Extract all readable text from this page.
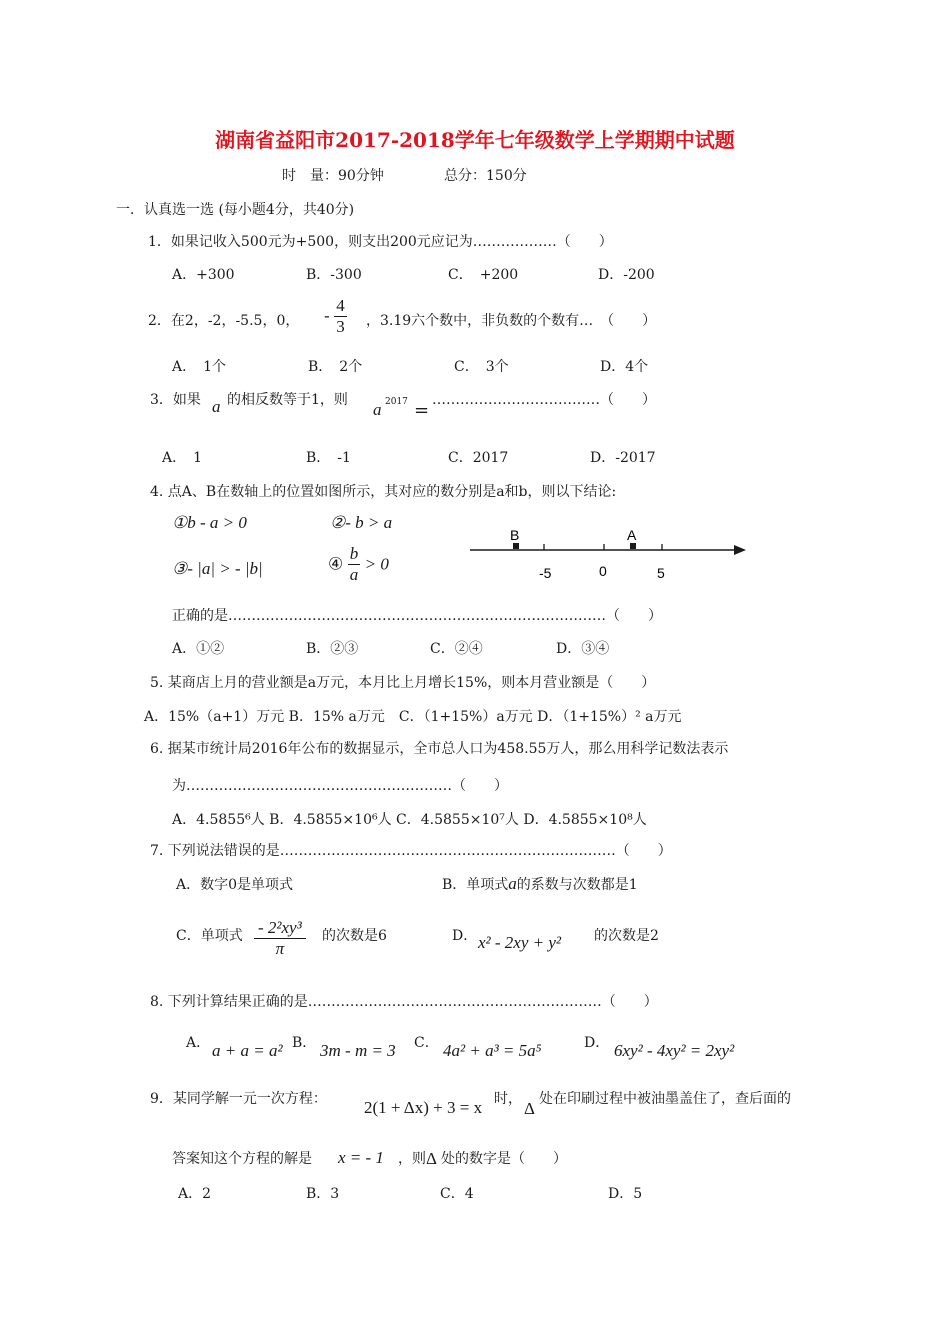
湖南省益阳市2017-2018学年七年级数学上学期期中试题
时　量：90分钟	总分：150分
一．认真选一选 (每小题4分，共40分)
1．如果记收入500元为+500，则支出200元应记为………………（　　）
A．+300	B．-300	C．　+200	D．-200
2．在2，-2，-5.5，0， - $\frac{4}{3}$ ，3.19六个数中，非负数的个数有…　（　　）
A．　1个	B．　2个	C．　3个	D．4个
3．如果 a 的相反数等于1，则 a 2017 = ………………………………（　　）
A．　1	B．　-1	C．2017	D．-2017
4. 点A、B在数轴上的位置如图所示，其对应的数分别是a和b，则以下结论:
①b - a > 0	②- b > a
③- |a| > - |b|	④ $\frac{b}{a} > 0$
B	A
-5	0	5
正确的是………………………………………………………………………（　　）
A．①②	B．②③	C．②④	D．③④
5. 某商店上月的营业额是a万元，本月比上月增长15%，则本月营业额是（　　）
A．15%（a+1）万元 B．15% a万元　C．（1+15%）a万元 D．（1+15%）² a万元
6. 据某市统计局2016年公布的数据显示，全市总人口为458.55万人，那么用科学记数法表示
为…………………………………………………（　　）
A．4.5855⁶人 B．4.5855×10⁶人 C．4.5855×10⁷人 D．4.5855×10⁸人
7. 下列说法错误的是………………………………………………………………（　　）
A．数字0是单项式	B．单项式a的系数与次数都是1
C．单项式 $\frac{\text{- 2²xy³}}{\pi}$ 的次数是6	D． x² - 2xy + y² 的次数是2
8. 下列计算结果正确的是………………………………………………………（　　）
A． a + a = a² B． 3m - m = 3 C． 4a² + a³ = 5a⁵	D． 6xy² - 4xy² = 2xy²
9．某同学解一元一次方程： 2(1 + Δx) + 3 = x 时， Δ 处在印刷过程中被油墨盖住了，查后面的
答案知这个方程的解是 x = - 1 ，则 Δ 处的数字是（　　）
A．2	B．3	C．4	D．5
